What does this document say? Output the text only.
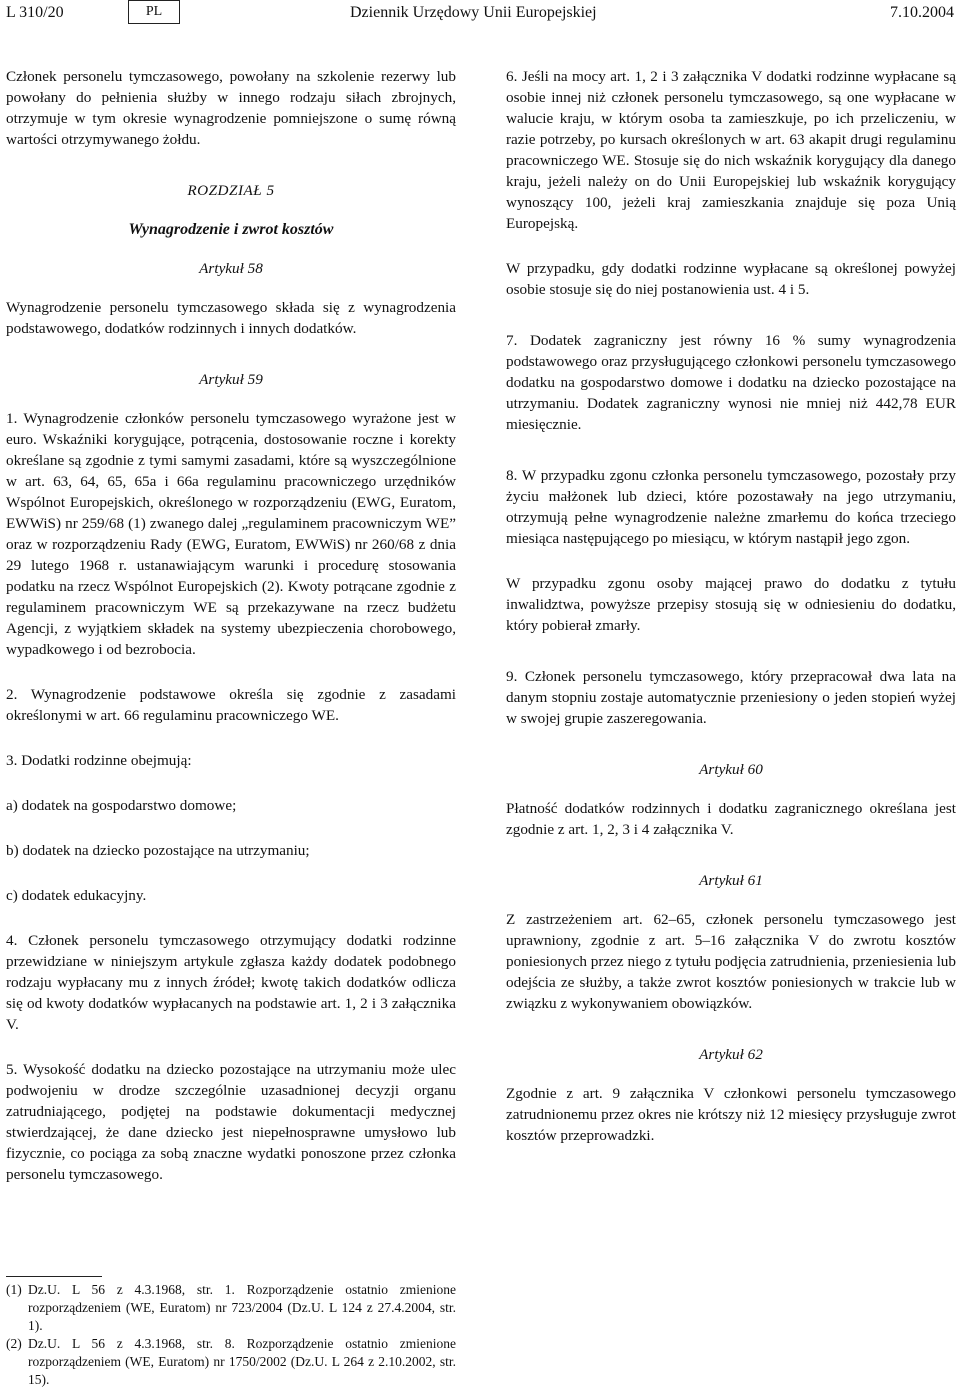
L 310/20	PL	Dziennik Urzędowy Unii Europejskiej	7.10.2004

Członek personelu tymczasowego, powołany na szkolenie rezerwy lub powołany do pełnienia służby w innego rodzaju siłach zbrojnych, otrzymuje w tym okresie wynagrodzenie pomniejszone o sumę równą wartości otrzymywanego żołdu.

ROZDZIAŁ 5

Wynagrodzenie i zwrot kosztów

Artykuł 58

Wynagrodzenie personelu tymczasowego składa się z wynagrodzenia podstawowego, dodatków rodzinnych i innych dodatków.

Artykuł 59

1. Wynagrodzenie członków personelu tymczasowego wyrażone jest w euro. Wskaźniki korygujące, potrącenia, dostosowanie roczne i korekty określane są zgodnie z tymi samymi zasadami, które są wyszczególnione w art. 63, 64, 65, 65a i 66a regulaminu pracowniczego urzędników Wspólnot Europejskich, określonego w rozporządzeniu (EWG, Euratom, EWWiS) nr 259/68 (1) zwanego dalej „regulaminem pracowniczym WE” oraz w rozporządzeniu Rady (EWG, Euratom, EWWiS) nr 260/68 z dnia 29 lutego 1968 r. ustanawiającym warunki i procedurę stosowania podatku na rzecz Wspólnot Europejskich (2). Kwoty potrącane zgodnie z regulaminem pracowniczym WE są przekazywane na rzecz budżetu Agencji, z wyjątkiem składek na systemy ubezpieczenia chorobowego, wypadkowego i od bezrobocia.

2. Wynagrodzenie podstawowe określa się zgodnie z zasadami określonymi w art. 66 regulaminu pracowniczego WE.

3. Dodatki rodzinne obejmują:

a) dodatek na gospodarstwo domowe;

b) dodatek na dziecko pozostające na utrzymaniu;

c) dodatek edukacyjny.

4. Członek personelu tymczasowego otrzymujący dodatki rodzinne przewidziane w niniejszym artykule zgłasza każdy dodatek podobnego rodzaju wypłacany mu z innych źródeł; kwotę takich dodatków odlicza się od kwoty dodatków wypłacanych na podstawie art. 1, 2 i 3 załącznika V.

5. Wysokość dodatku na dziecko pozostające na utrzymaniu może ulec podwojeniu w drodze szczególnie uzasadnionej decyzji organu zatrudniającego, podjętej na podstawie dokumentacji medycznej stwierdzającej, że dane dziecko jest niepełnosprawne umysłowo lub fizycznie, co pociąga za sobą znaczne wydatki ponoszone przez członka personelu tymczasowego.

6. Jeśli na mocy art. 1, 2 i 3 załącznika V dodatki rodzinne wypłacane są osobie innej niż członek personelu tymczasowego, są one wypłacane w walucie kraju, w którym osoba ta zamieszkuje, po ich przeliczeniu, w razie potrzeby, po kursach określonych w art. 63 akapit drugi regulaminu pracowniczego WE. Stosuje się do nich wskaźnik korygujący dla danego kraju, jeżeli należy on do Unii Europejskiej lub wskaźnik korygujący wynoszący 100, jeżeli kraj zamieszkania znajduje się poza Unią Europejską.

W przypadku, gdy dodatki rodzinne wypłacane są określonej powyżej osobie stosuje się do niej postanowienia ust. 4 i 5.

7. Dodatek zagraniczny jest równy 16 % sumy wynagrodzenia podstawowego oraz przysługującego członkowi personelu tymczasowego dodatku na gospodarstwo domowe i dodatku na dziecko pozostające na utrzymaniu. Dodatek zagraniczny wynosi nie mniej niż 442,78 EUR miesięcznie.

8. W przypadku zgonu członka personelu tymczasowego, pozostały przy życiu małżonek lub dzieci, które pozostawały na jego utrzymaniu, otrzymują pełne wynagrodzenie należne zmarłemu do końca trzeciego miesiąca następującego po miesiącu, w którym nastąpił jego zgon.

W przypadku zgonu osoby mającej prawo do dodatku z tytułu inwalidztwa, powyższe przepisy stosują się w odniesieniu do dodatku, który pobierał zmarły.

9. Członek personelu tymczasowego, który przepracował dwa lata na danym stopniu zostaje automatycznie przeniesiony o jeden stopień wyżej w swojej grupie zaszeregowania.

Artykuł 60

Płatność dodatków rodzinnych i dodatku zagranicznego określana jest zgodnie z art. 1, 2, 3 i 4 załącznika V.

Artykuł 61

Z zastrzeżeniem art. 62–65, członek personelu tymczasowego jest uprawniony, zgodnie z art. 5–16 załącznika V do zwrotu kosztów poniesionych przez niego z tytułu podjęcia zatrudnienia, przeniesienia lub odejścia ze służby, a także zwrot kosztów poniesionych w trakcie lub w związku z wykonywaniem obowiązków.

Artykuł 62

Zgodnie z art. 9 załącznika V członkowi personelu tymczasowego zatrudnionemu przez okres nie krótszy niż 12 miesięcy przysługuje zwrot kosztów przeprowadzki.

(1) Dz.U. L 56 z 4.3.1968, str. 1. Rozporządzenie ostatnio zmienione rozporządzeniem (WE, Euratom) nr 723/2004 (Dz.U. L 124 z 27.4.2004, str. 1).
(2) Dz.U. L 56 z 4.3.1968, str. 8. Rozporządzenie ostatnio zmienione rozporządzeniem (WE, Euratom) nr 1750/2002 (Dz.U. L 264 z 2.10.2002, str. 15).
